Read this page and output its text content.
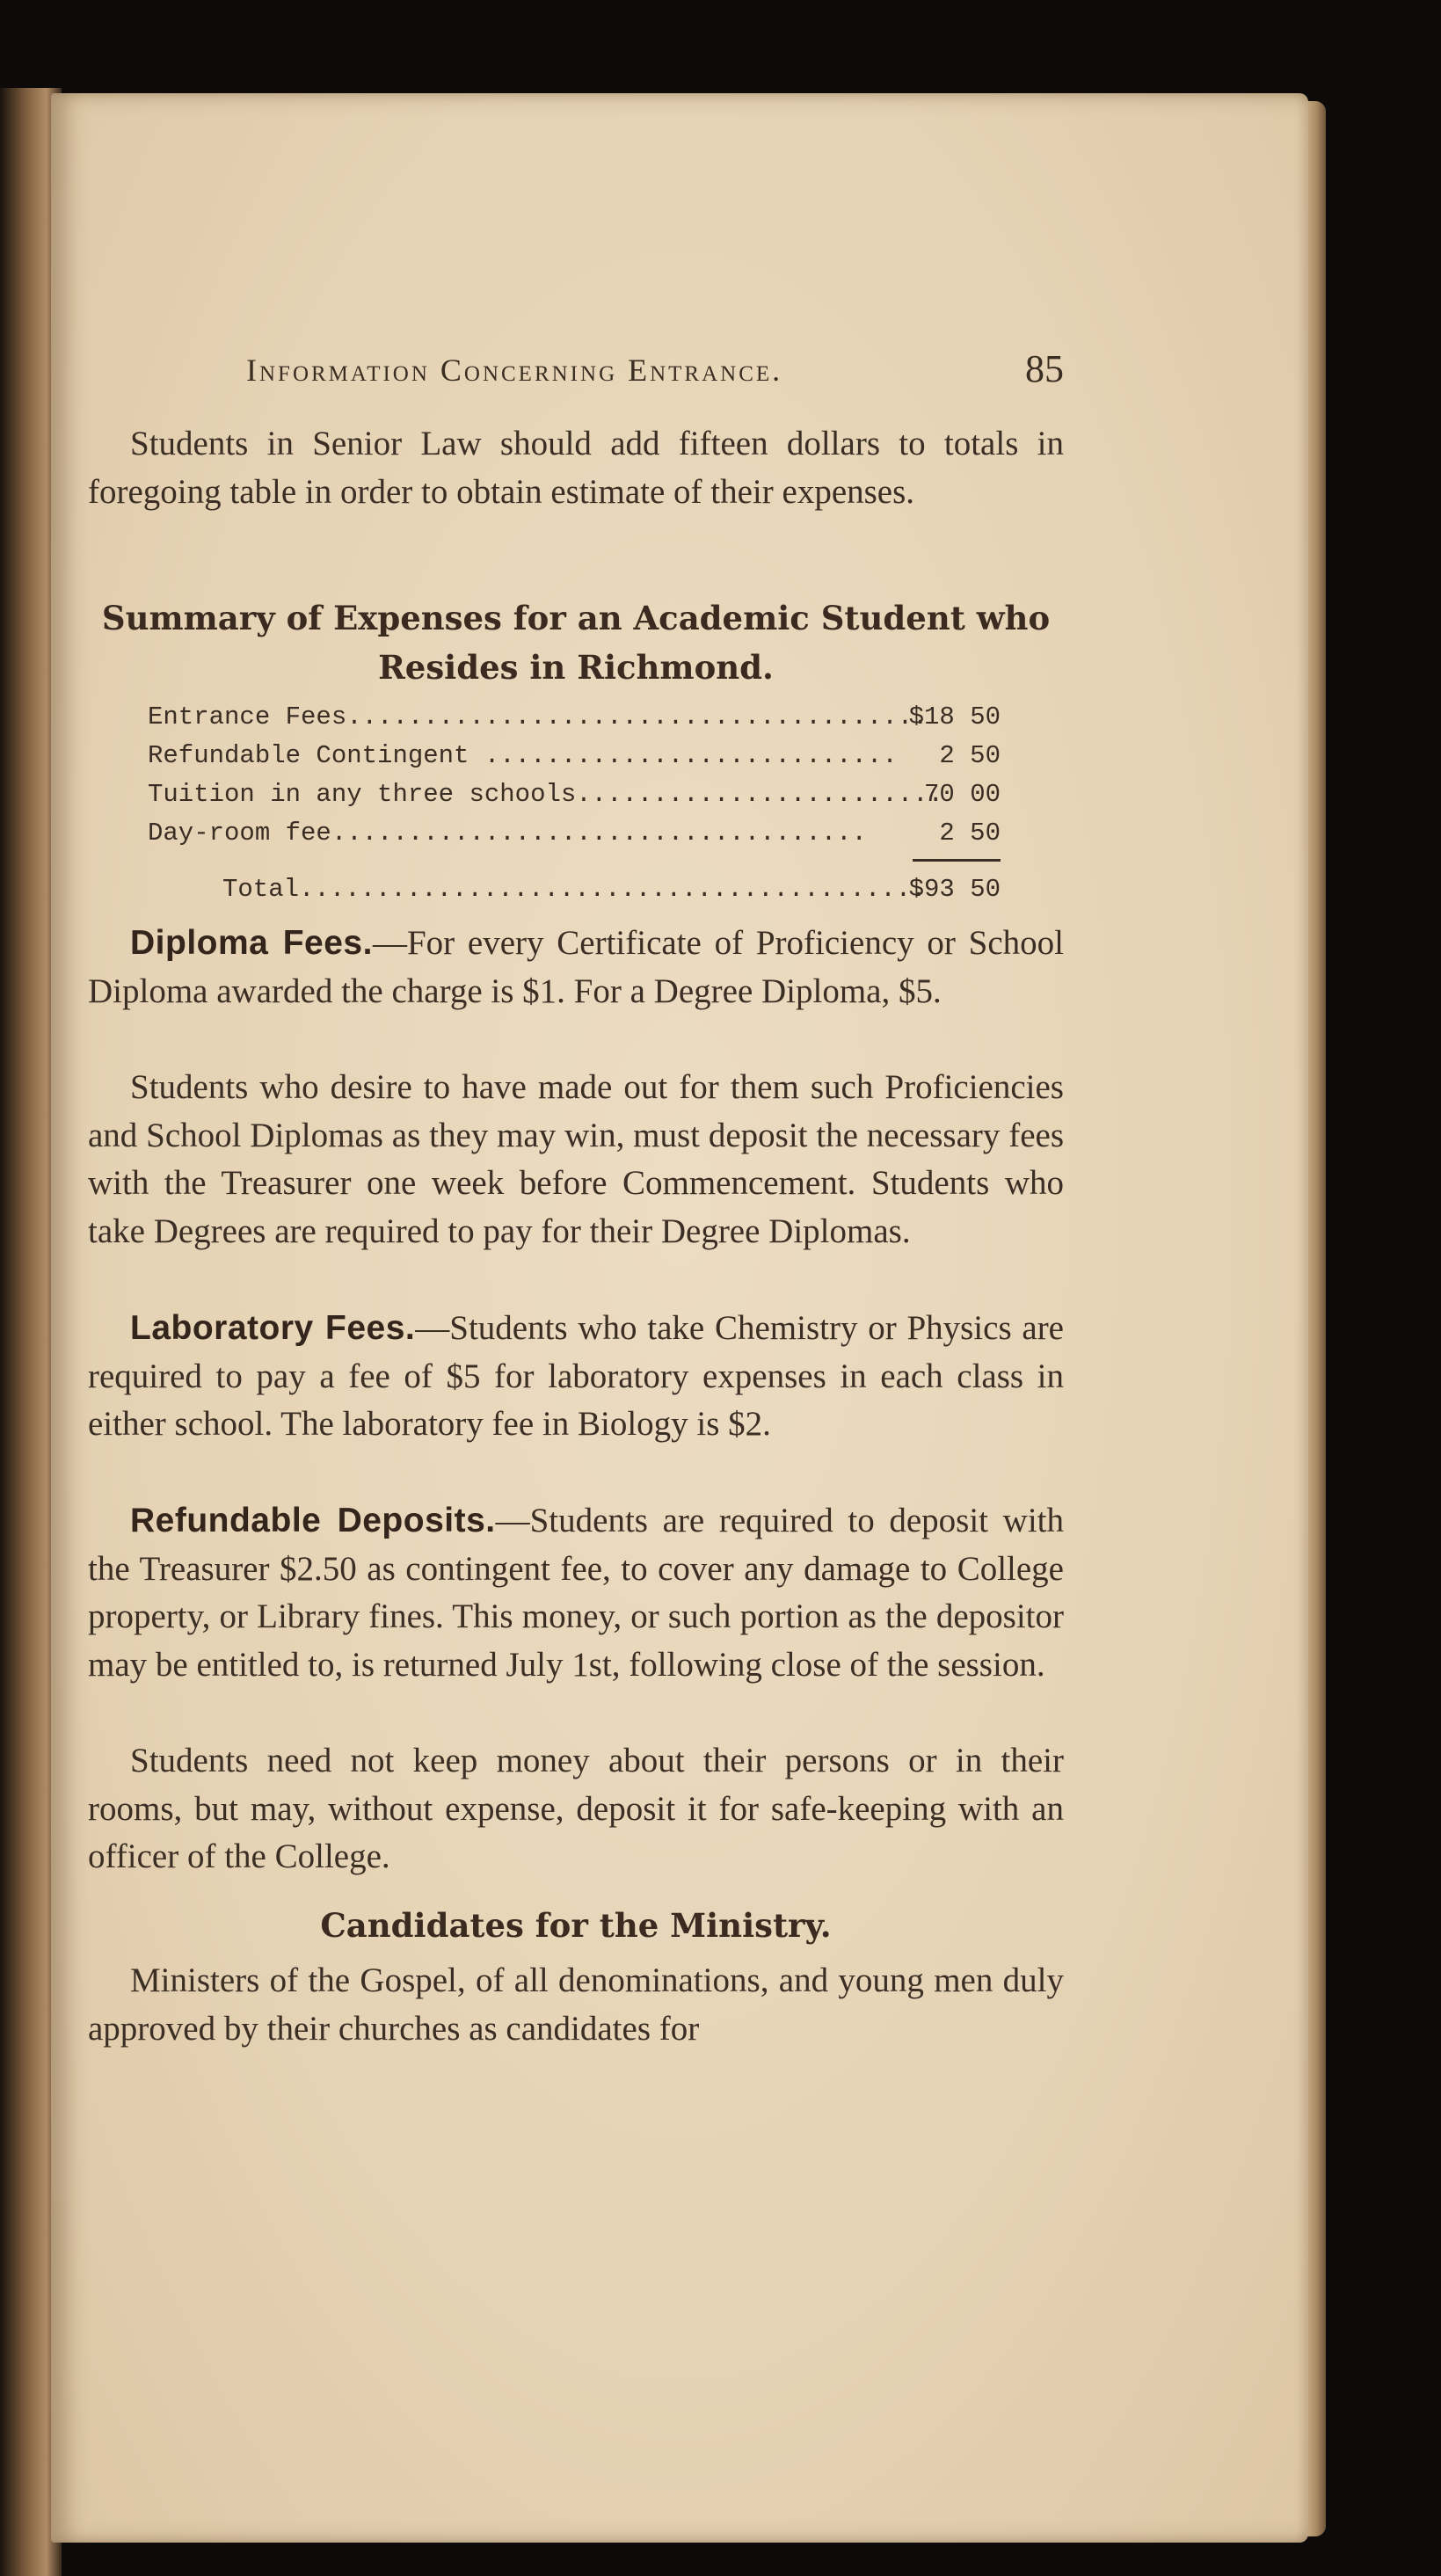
Information Concerning Entrance.	85
Students in Senior Law should add fifteen dollars to totals in foregoing table in order to obtain estimate of their expenses.
Summary of Expenses for an Academic Student who
Resides in Richmond.
Entrance Fees......................................
$18 50
Refundable Contingent ........................... 2 50
Tuition in any three schools........................
70 00
Day-room fee...................................	2 50
Total.........................................
$93 50
Diploma Fees.—For every Certificate of Proficiency or School Diploma awarded the charge is $1. For a Degree Diploma, $5.
Students who desire to have made out for them such Proficiencies and School Diplomas as they may win, must deposit the necessary fees with the Treasurer one week before Commencement. Students who take Degrees are required to pay for their Degree Diplomas.
Laboratory Fees.—Students who take Chemistry or Physics are required to pay a fee of $5 for laboratory expenses in each class in either school. The laboratory fee in Biology is $2.
Refundable Deposits.—Students are required to deposit with the Treasurer $2.50 as contingent fee, to cover any damage to College property, or Library fines. This money, or such portion as the depositor may be entitled to, is returned July 1st, following close of the session.
Students need not keep money about their persons or in their rooms, but may, without expense, deposit it for safe-keeping with an officer of the College.
Candidates for the Ministry.
Ministers of the Gospel, of all denominations, and young men duly approved by their churches as candidates for
